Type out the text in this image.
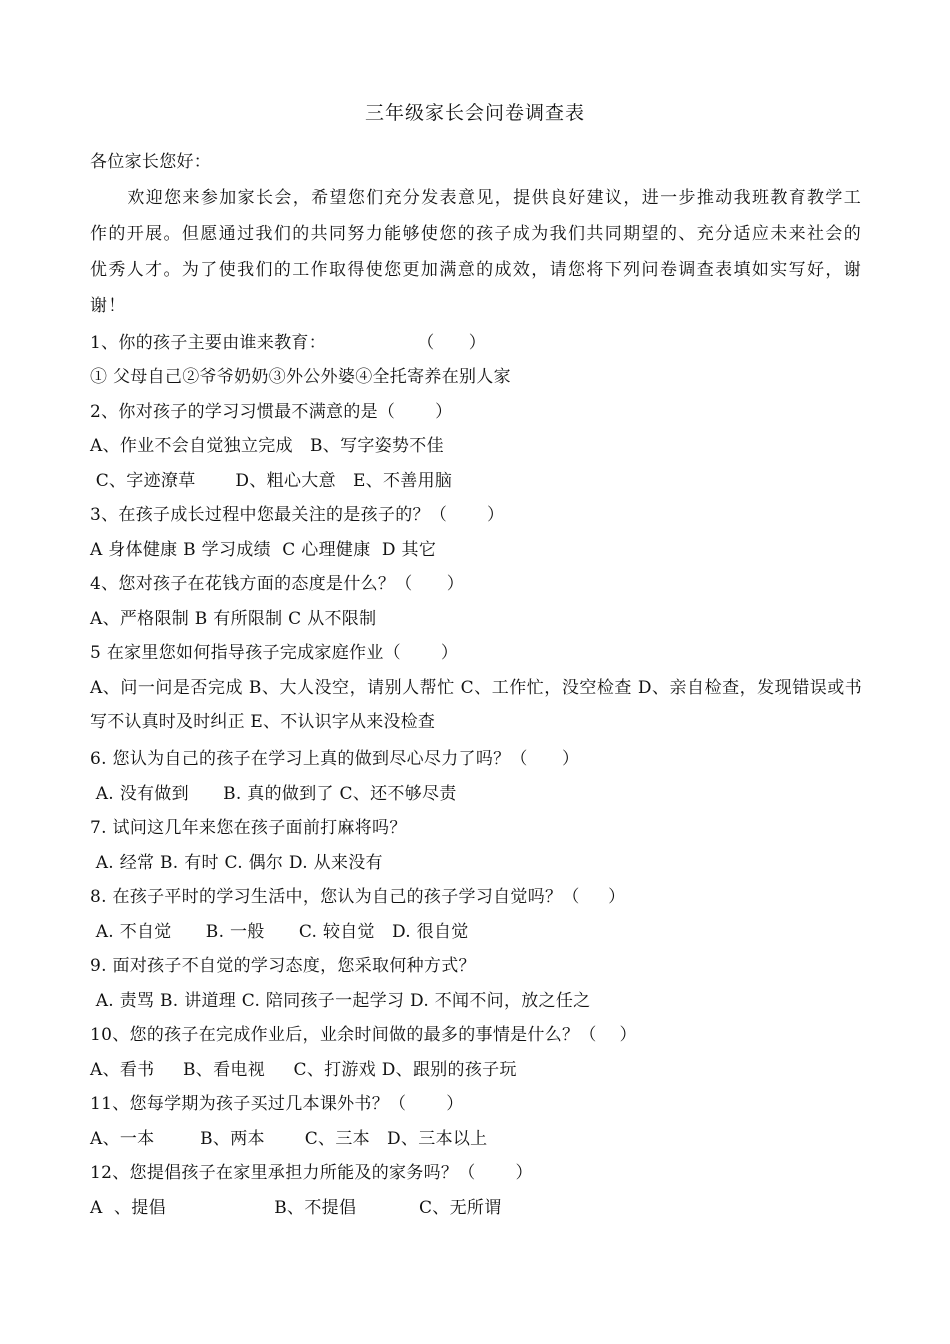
三年级家长会问卷调查表
各位家长您好：

欢迎您来参加家长会，希望您们充分发表意见，提供良好建议，进一步推动我班教育教学工作的开展。但愿通过我们的共同努力能够使您的孩子成为我们共同期望的、充分适应未来社会的优秀人才。为了使我们的工作取得使您更加满意的成效，请您将下列问卷调查表填如实写好，谢谢！

1、你的孩子主要由谁来教育：                （      ）
① 父母自己②爷爷奶奶③外公外婆④全托寄养在别人家
2、你对孩子的学习习惯最不满意的是（       ）
A、作业不会自觉独立完成   B、写字姿势不佳
C、字迹潦草       D、粗心大意   E、不善用脑
3、在孩子成长过程中您最关注的是孩子的？（       ）
A 身体健康 B 学习成绩  C 心理健康  D 其它
4、您对孩子在花钱方面的态度是什么？（      ）
A、严格限制 B 有所限制 C 从不限制
5 在家里您如何指导孩子完成家庭作业（       ）

A、问一问是否完成 B、大人没空，请别人帮忙 C、工作忙，没空检查 D、亲自检查，发现错误或书写不认真时及时纠正 E、不认识字从来没检查

6. 您认为自己的孩子在学习上真的做到尽心尽力了吗？（      ）
A. 没有做到      B. 真的做到了 C、还不够尽责
7. 试问这几年来您在孩子面前打麻将吗？
A. 经常 B. 有时 C. 偶尔 D. 从来没有
8. 在孩子平时的学习生活中，您认为自己的孩子学习自觉吗？（     ）
A. 不自觉      B. 一般      C. 较自觉   D. 很自觉
9. 面对孩子不自觉的学习态度，您采取何种方式？
A. 责骂 B. 讲道理 C. 陪同孩子一起学习 D. 不闻不问，放之任之
10、您的孩子在完成作业后，业余时间做的最多的事情是什么？（    ）
A、看书     B、看电视     C、打游戏 D、跟别的孩子玩
11、您每学期为孩子买过几本课外书？（       ）
A、一本        B、两本       C、三本   D、三本以上
12、您提倡孩子在家里承担力所能及的家务吗？（       ）
A  、提倡                   B、不提倡           C、无所谓
